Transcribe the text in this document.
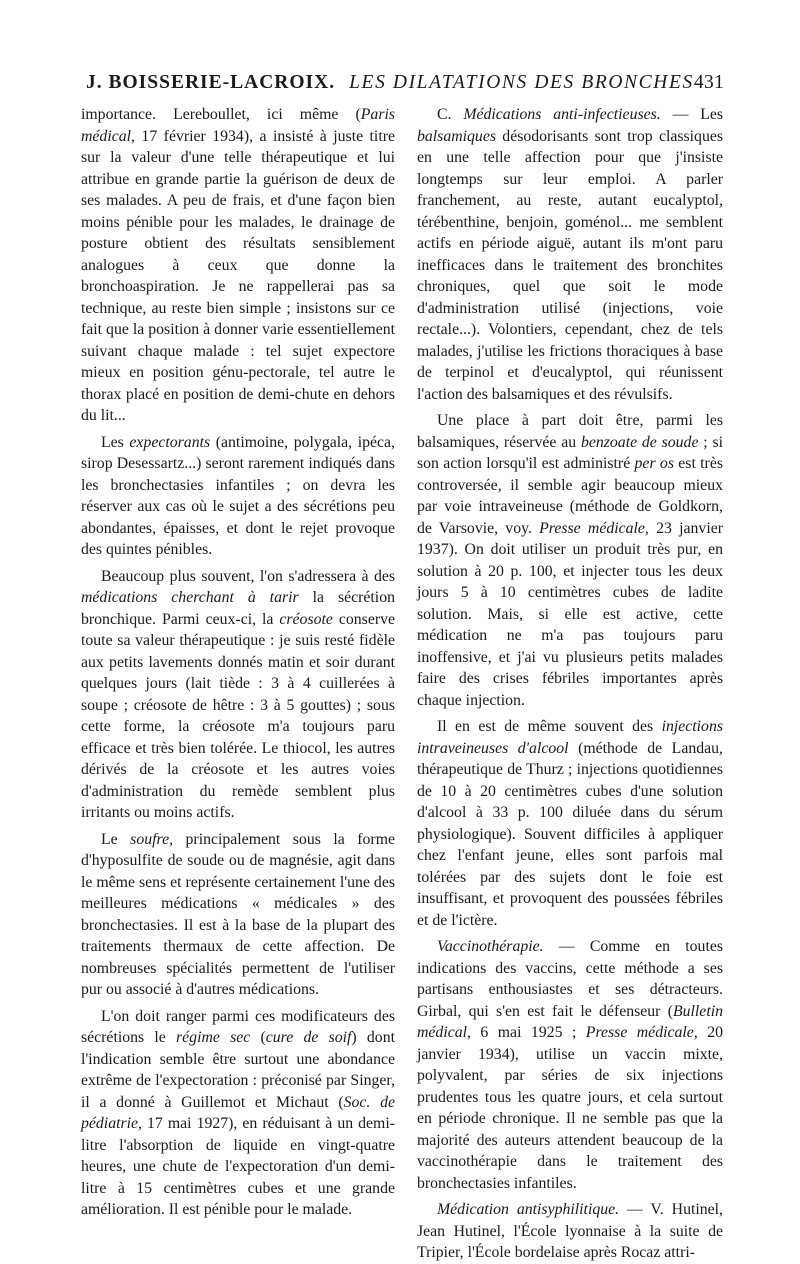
J. BOISSERIE-LACROIX. LES DILATATIONS DES BRONCHES 431

importance. Lereboullet, ici même (Paris médical, 17 février 1934), a insisté à juste titre sur la valeur d'une telle thérapeutique et lui attribue en grande partie la guérison de deux de ses malades. A peu de frais, et d'une façon bien moins pénible pour les malades, le drainage de posture obtient des résultats sensiblement analogues à ceux que donne la bronchoaspiration. Je ne rappellerai pas sa technique, au reste bien simple ; insistons sur ce fait que la position à donner varie essentiellement suivant chaque malade : tel sujet expectore mieux en position génu-pectorale, tel autre le thorax placé en position de demi-chute en dehors du lit...

Les expectorants (antimoine, polygala, ipéca, sirop Desessartz...) seront rarement indiqués dans les bronchectasies infantiles ; on devra les réserver aux cas où le sujet a des sécrétions peu abondantes, épaisses, et dont le rejet provoque des quintes pénibles.

Beaucoup plus souvent, l'on s'adressera à des médications cherchant à tarir la sécrétion bronchique. Parmi ceux-ci, la créosote conserve toute sa valeur thérapeutique : je suis resté fidèle aux petits lavements donnés matin et soir durant quelques jours (lait tiède : 3 à 4 cuillerées à soupe ; créosote de hêtre : 3 à 5 gouttes) ; sous cette forme, la créosote m'a toujours paru efficace et très bien tolérée. Le thiocol, les autres dérivés de la créosote et les autres voies d'administration du remède semblent plus irritants ou moins actifs.

Le soufre, principalement sous la forme d'hyposulfite de soude ou de magnésie, agit dans le même sens et représente certainement l'une des meilleures médications « médicales » des bronchectasies. Il est à la base de la plupart des traitements thermaux de cette affection. De nombreuses spécialités permettent de l'utiliser pur ou associé à d'autres médications.

L'on doit ranger parmi ces modificateurs des sécrétions le régime sec (cure de soif) dont l'indication semble être surtout une abondance extrême de l'expectoration : préconisé par Singer, il a donné à Guillemot et Michaut (Soc. de pédiatrie, 17 mai 1927), en réduisant à un demi-litre l'absorption de liquide en vingt-quatre heures, une chute de l'expectoration d'un demi-litre à 15 centimètres cubes et une grande amélioration. Il est pénible pour le malade.

C. Médications anti-infectieuses. — Les balsamiques désodorisants sont trop classiques en une telle affection pour que j'insiste longtemps sur leur emploi. A parler franchement, au reste, autant eucalyptol, térébenthine, benjoin, goménol... me semblent actifs en période aiguë, autant ils m'ont paru inefficaces dans le traitement des bronchites chroniques, quel que soit le mode d'administration utilisé (injections, voie rectale...). Volontiers, cependant, chez de tels malades, j'utilise les frictions thoraciques à base de terpinol et d'eucalyptol, qui réunissent l'action des balsamiques et des révulsifs.

Une place à part doit être, parmi les balsamiques, réservée au benzoate de soude ; si son action lorsqu'il est administré per os est très controversée, il semble agir beaucoup mieux par voie intraveineuse (méthode de Goldkorn, de Varsovie, voy. Presse médicale, 23 janvier 1937). On doit utiliser un produit très pur, en solution à 20 p. 100, et injecter tous les deux jours 5 à 10 centimètres cubes de ladite solution. Mais, si elle est active, cette médication ne m'a pas toujours paru inoffensive, et j'ai vu plusieurs petits malades faire des crises fébriles importantes après chaque injection.

Il en est de même souvent des injections intraveineuses d'alcool (méthode de Landau, thérapeutique de Thurz ; injections quotidiennes de 10 à 20 centimètres cubes d'une solution d'alcool à 33 p. 100 diluée dans du sérum physiologique). Souvent difficiles à appliquer chez l'enfant jeune, elles sont parfois mal tolérées par des sujets dont le foie est insuffisant, et provoquent des poussées fébriles et de l'ictère.

Vaccinothérapie. — Comme en toutes indications des vaccins, cette méthode a ses partisans enthousiastes et ses détracteurs. Girbal, qui s'en est fait le défenseur (Bulletin médical, 6 mai 1925 ; Presse médicale, 20 janvier 1934), utilise un vaccin mixte, polyvalent, par séries de six injections prudentes tous les quatre jours, et cela surtout en période chronique. Il ne semble pas que la majorité des auteurs attendent beaucoup de la vaccinothérapie dans le traitement des bronchectasies infantiles.

Médication antisyphilitique. — V. Hutinel, Jean Hutinel, l'École lyonnaise à la suite de Tripier, l'École bordelaise après Rocaz attri-
